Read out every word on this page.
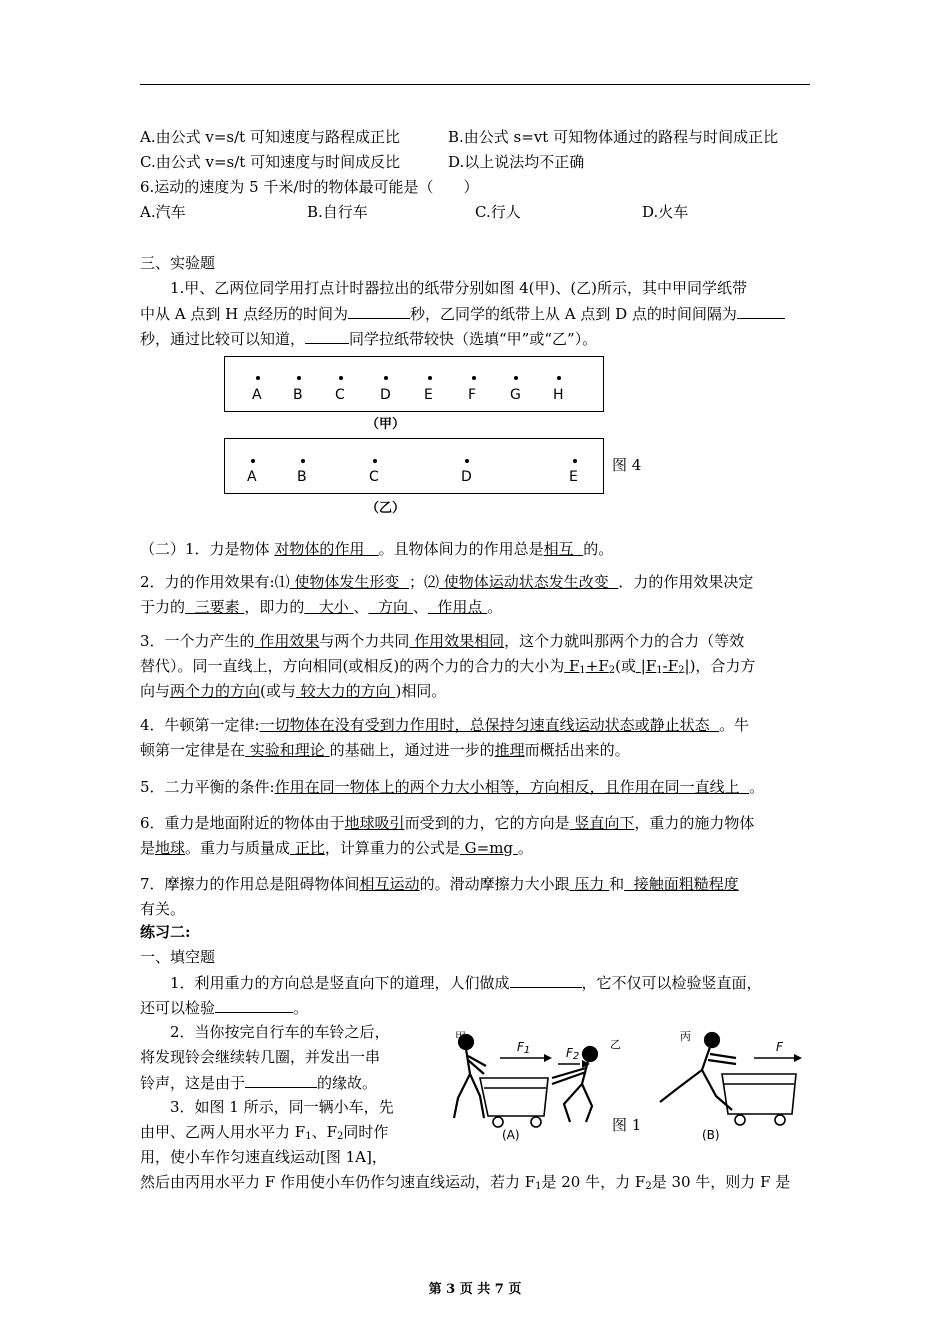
A.由公式 v=s/t 可知速度与路程成正比	B.由公式 s=vt 可知物体通过的路程与时间成正比
C.由公式 v=s/t 可知速度与时间成反比	D.以上说法均不正确
6.运动的速度为 5 千米/时的物体最可能是（　　）
A.汽车	B.自行车	C.行人	D.火车
三、实验题
1.甲、乙两位同学用打点计时器拉出的纸带分别如图 4(甲)、(乙)所示，其中甲同学纸带
中从 A 点到 H 点经历的时间为	秒，乙同学的纸带上从 A 点到 D 点的时间间隔为
秒，通过比较可以知道，	同学拉纸带较快（选填“甲”或“乙”）。
A B C	D E	F G H
（甲）
A	B	C	D	E
（乙）
图 4
（二）1．力是物体 对物体的作用 。且物体间力的作用总是相互 的。
2．力的作用效果有:⑴ 使物体发生形变 ；⑵ 使物体运动状态发生改变 ．力的作用效果决定
于力的 三要素 ，即力的 大小 、 方向 、 作用点 。
3．一个力产生的 作用效果与两个力共同 作用效果相同，这个力就叫那两个力的合力（等效
替代）。同一直线上，方向相同(或相反)的两个力的合力的大小为 $F_1+F_2$(或 $|F_1-F_2|$)，合力方
向与两个力的方向(或与 较大力的方向 )相同。
4．牛顿第一定律:一切物体在没有受到力作用时，总保持匀速直线运动状态或静止状态 。牛
顿第一定律是在 实验和理论 的基础上，通过进一步的推理而概括出来的。
5．二力平衡的条件:作用在同一物体上的两个力大小相等，方向相反，且作用在同一直线上 。
6．重力是地面附近的物体由于地球吸引而受到的力，它的方向是 竖直向下，重力的施力物体
是地球。重力与质量成 正比，计算重力的公式是 G=mg 。
7．摩擦力的作用总是阻碍物体间相互运动的。滑动摩擦力大小跟 压力 和 接触面粗糙程度
有关。
练习二:
一、填空题
1．利用重力的方向总是竖直向下的道理，人们做成	，它不仅可以检验竖直面，
还可以检验	。
2．当你按完自行车的车铃之后，
将发现铃会继续转几圈，并发出一串
铃声，这是由于	的缘故。
3．如图 1 所示，同一辆小车，先
由甲、乙两人用水平力 $F_1$、$F_2$同时作
用，使小车作匀速直线运动[图 1A]，
然后由丙用水平力 F 作用使小车仍作匀速直线运动，若力 $F_1$是 20 牛，力 $F_2$是 30 牛，则力 F 是
甲
乙
丙
$F_1$	$F_2$
F
(A)	(B)
图 1
第 3 页 共 7 页
